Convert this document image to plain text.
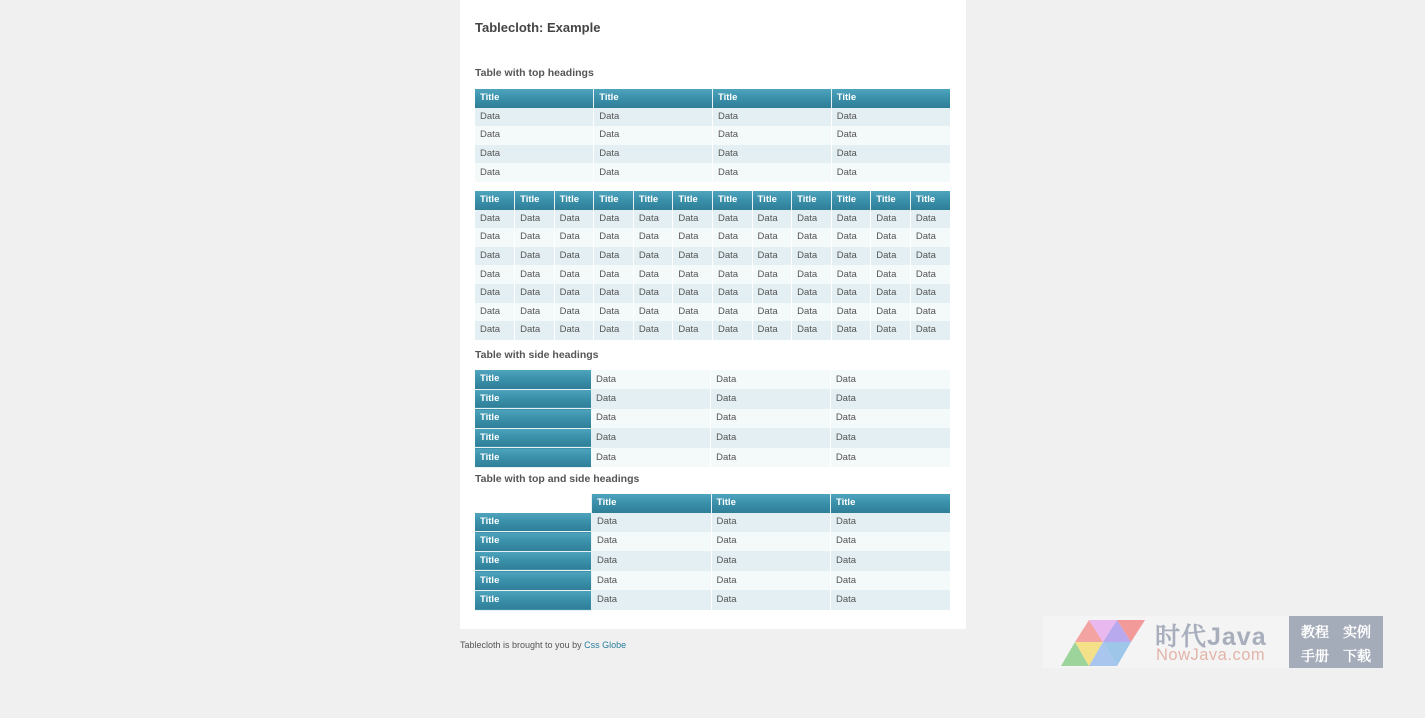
Tablecloth: Example
Table with top headings
Title	Title	Title	Title
Data	Data	Data	Data
Data	Data	Data	Data
Data	Data	Data	Data
Data	Data	Data	Data
Title	Title	Title	Title	Title	Title	Title	Title	Title	Title	Title	Title
Data	Data	Data	Data	Data	Data	Data	Data	Data	Data	Data	Data
Data	Data	Data	Data	Data	Data	Data	Data	Data	Data	Data	Data
Data	Data	Data	Data	Data	Data	Data	Data	Data	Data	Data	Data
Data	Data	Data	Data	Data	Data	Data	Data	Data	Data	Data	Data
Data	Data	Data	Data	Data	Data	Data	Data	Data	Data	Data	Data
Data	Data	Data	Data	Data	Data	Data	Data	Data	Data	Data	Data
Data	Data	Data	Data	Data	Data	Data	Data	Data	Data	Data	Data
Table with side headings
Title	Data	Data	Data
Title	Data	Data	Data
Title	Data	Data	Data
Title	Data	Data	Data
Title	Data	Data	Data
Table with top and side headings
	Title	Title	Title
Title	Data	Data	Data
Title	Data	Data	Data
Title	Data	Data	Data
Title	Data	Data	Data
Title	Data	Data	Data
Tablecloth is brought to you by Css Globe	时代Java
NowJava.com
教程 实例
手册 下载
